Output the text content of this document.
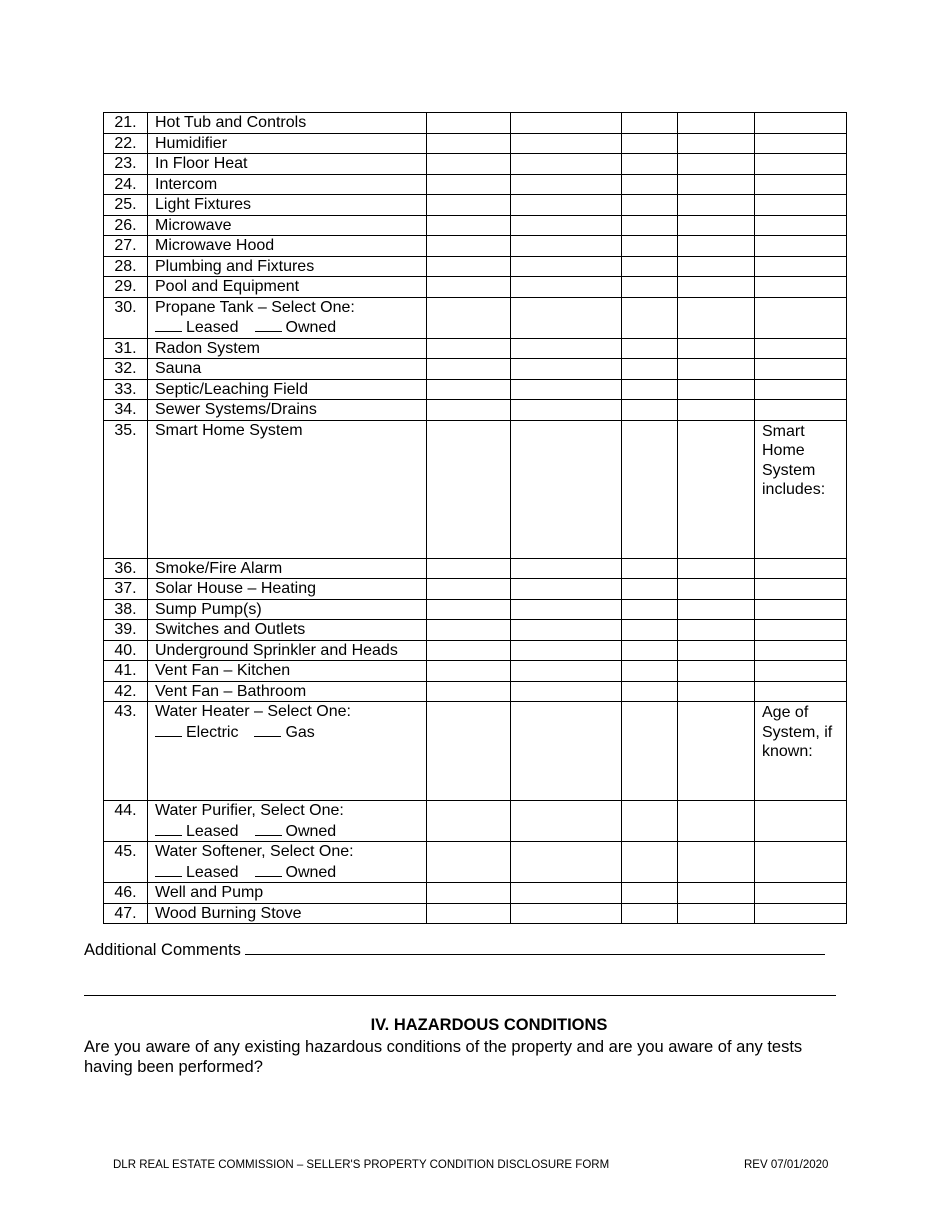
21.	Hot Tub and Controls					

22.	Humidifier					

23.	In Floor Heat					

24.	Intercom					

25.	Light Fixtures					

26.	Microwave					

27.	Microwave Hood					

28.	Plumbing and Fixtures					

29.	Pool and Equipment					

30.	Propane Tank – Select One:
Leased Owned					

31.	Radon System					

32.	Sauna					

33.	Septic/Leaching Field					

34.	Sewer Systems/Drains					

35.	Smart Home System					Smart Home System includes:
36.	Smoke/Fire Alarm					

37.	Solar House – Heating					

38.	Sump Pump(s)					

39.	Switches and Outlets					

40.	Underground Sprinkler and Heads					

41.	Vent Fan – Kitchen					

42.	Vent Fan – Bathroom					

43.	Water Heater – Select One:
Electric Gas					Age of System, if known:
44.	Water Purifier, Select One:
Leased Owned					

45.	Water Softener, Select One:
Leased Owned					

46.	Well and Pump					

47.	Wood Burning Stove					

Additional Comments
IV. HAZARDOUS CONDITIONS
Are you aware of any existing hazardous conditions of the property and are you aware of any tests having been performed?
DLR REAL ESTATE COMMISSION – SELLER'S PROPERTY CONDITION DISCLOSURE FORM	REV 07/01/2020
